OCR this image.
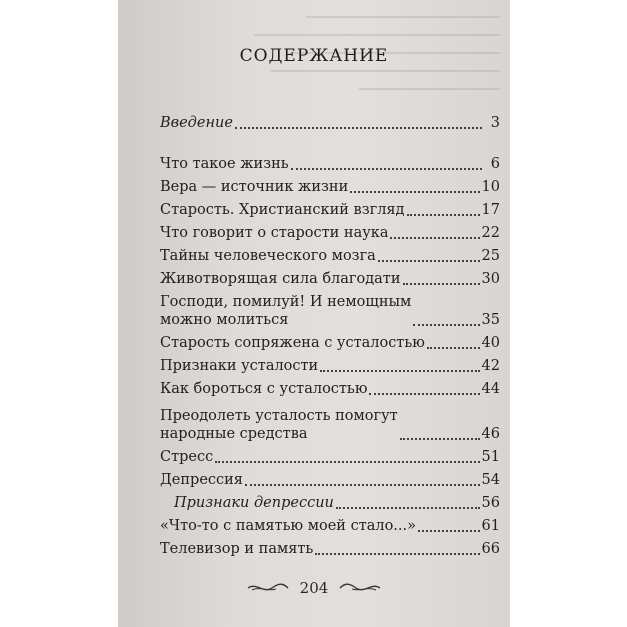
СОДЕРЖАНИЕ
Введение	3
Что такое жизнь	6
Вера — источник жизни	10
Старость. Христианский взгляд	17
Что говорит о старости наука	22
Тайны человеческого мозга	25
Животворящая сила благодати	30
Господи, помилуй! И немощным
можно молиться	35
Старость сопряжена с усталостью	40
Признаки усталости	42
Как бороться с усталостью	44
Преодолеть усталость помогут
народные средства	46
Стресс	51
Депрессия	54
Признаки депрессии	56
«Что-то с памятью моей стало...»	61
Телевизор и память	66
204
